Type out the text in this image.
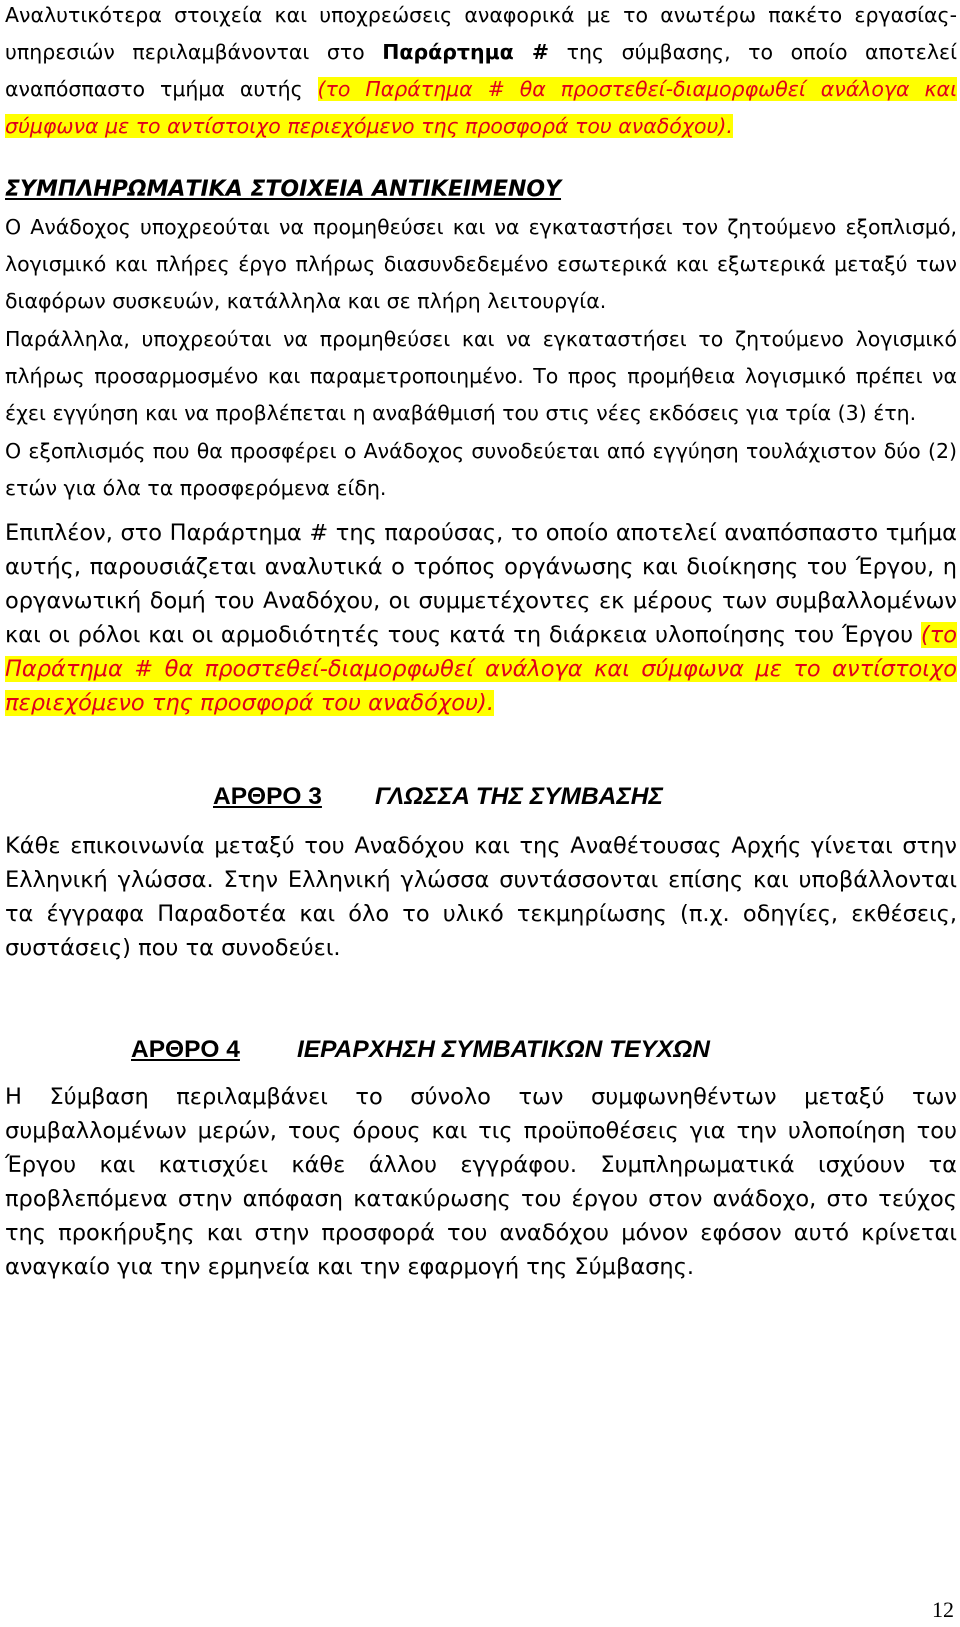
Αναλυτικότερα στοιχεία και υποχρεώσεις αναφορικά με το ανωτέρω πακέτο εργασίας-υπηρεσιών περιλαμβάνονται στο Παράρτημα # της σύμβασης, το οποίο αποτελεί αναπόσπαστο τμήμα αυτής (το Παράτημα # θα προστεθεί-διαμορφωθεί ανάλογα και σύμφωνα με το αντίστοιχο περιεχόμενο της προσφορά του αναδόχου).

ΣΥΜΠΛΗΡΩΜΑΤΙΚΑ ΣΤΟΙΧΕΙΑ ΑΝΤΙΚΕΙΜΕΝΟΥ

Ο Ανάδοχος υποχρεούται να προμηθεύσει και να εγκαταστήσει τον ζητούμενο εξοπλισμό, λογισμικό και πλήρες έργο πλήρως διασυνδεδεμένο εσωτερικά και εξωτερικά μεταξύ των διαφόρων συσκευών, κατάλληλα και σε πλήρη λειτουργία.

Παράλληλα, υποχρεούται να προμηθεύσει και να εγκαταστήσει το ζητούμενο λογισμικό πλήρως προσαρμοσμένο και παραμετροποιημένο. Το προς προμήθεια λογισμικό πρέπει να έχει εγγύηση και να προβλέπεται η αναβάθμισή του στις νέες εκδόσεις για τρία (3) έτη.

Ο εξοπλισμός που θα προσφέρει ο Ανάδοχος συνοδεύεται από εγγύηση τουλάχιστον δύο (2) ετών για όλα τα προσφερόμενα είδη.

Επιπλέον, στο Παράρτημα # της παρούσας, το οποίο αποτελεί αναπόσπαστο τμήμα αυτής, παρουσιάζεται αναλυτικά ο τρόπος οργάνωσης και διοίκησης του Έργου, η οργανωτική δομή του Αναδόχου, οι συμμετέχοντες εκ μέρους των συμβαλλομένων και οι ρόλοι και οι αρμοδιότητές τους κατά τη διάρκεια υλοποίησης του Έργου (το Παράτημα # θα προστεθεί-διαμορφωθεί ανάλογα και σύμφωνα με το αντίστοιχο περιεχόμενο της προσφορά του αναδόχου).

ΑΡΘΡΟ 3 ΓΛΩΣΣΑ ΤΗΣ ΣΥΜΒΑΣΗΣ

Κάθε επικοινωνία μεταξύ του Αναδόχου και της Αναθέτουσας Αρχής γίνεται στην Ελληνική γλώσσα. Στην Ελληνική γλώσσα συντάσσονται επίσης και υποβάλλονται τα έγγραφα Παραδοτέα και όλο το υλικό τεκμηρίωσης (π.χ. οδηγίες, εκθέσεις, συστάσεις) που τα συνοδεύει.

ΑΡΘΡΟ 4 ΙΕΡΑΡΧΗΣΗ ΣΥΜΒΑΤΙΚΩΝ ΤΕΥΧΩΝ

Η Σύμβαση περιλαμβάνει το σύνολο των συμφωνηθέντων μεταξύ των συμβαλλομένων μερών, τους όρους και τις προϋποθέσεις για την υλοποίηση του Έργου και κατισχύει κάθε άλλου εγγράφου. Συμπληρωματικά ισχύουν τα προβλεπόμενα στην απόφαση κατακύρωσης του έργου στον ανάδοχο, στο τεύχος της προκήρυξης και στην προσφορά του αναδόχου μόνον εφόσον αυτό κρίνεται αναγκαίο για την ερμηνεία και την εφαρμογή της Σύμβασης.

12
